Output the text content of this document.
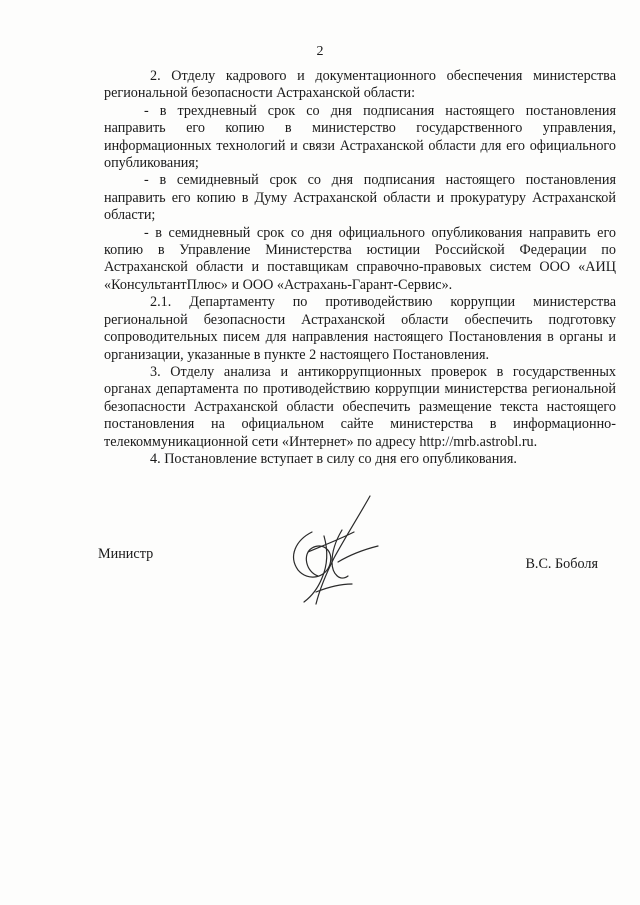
2

2. Отделу кадрового и документационного обеспечения министерства региональной безопасности Астраханской области:

- в трехдневный срок со дня подписания настоящего постановления направить его копию в министерство государственного управления, информационных технологий и связи Астраханской области для его официального опубликования;

- в семидневный срок со дня подписания настоящего постановления направить его копию в Думу Астраханской области и прокуратуру Астраханской области;

- в семидневный срок со дня официального опубликования направить его копию в Управление Министерства юстиции Российской Федерации по Астраханской области и поставщикам справочно-правовых систем ООО «АИЦ «КонсультантПлюс» и ООО «Астрахань-Гарант-Сервис».

2.1. Департаменту по противодействию коррупции министерства региональной безопасности Астраханской области обеспечить подготовку сопроводительных писем для направления настоящего Постановления в органы и организации, указанные в пункте 2 настоящего Постановления.

3. Отделу анализа и антикоррупционных проверок в государственных органах департамента по противодействию коррупции министерства региональной безопасности Астраханской области обеспечить размещение текста настоящего постановления на официальном сайте министерства в информационно-телекоммуникационной сети «Интернет» по адресу http://mrb.astrobl.ru.

4. Постановление вступает в силу со дня его опубликования.

Министр
В.С. Боболя
